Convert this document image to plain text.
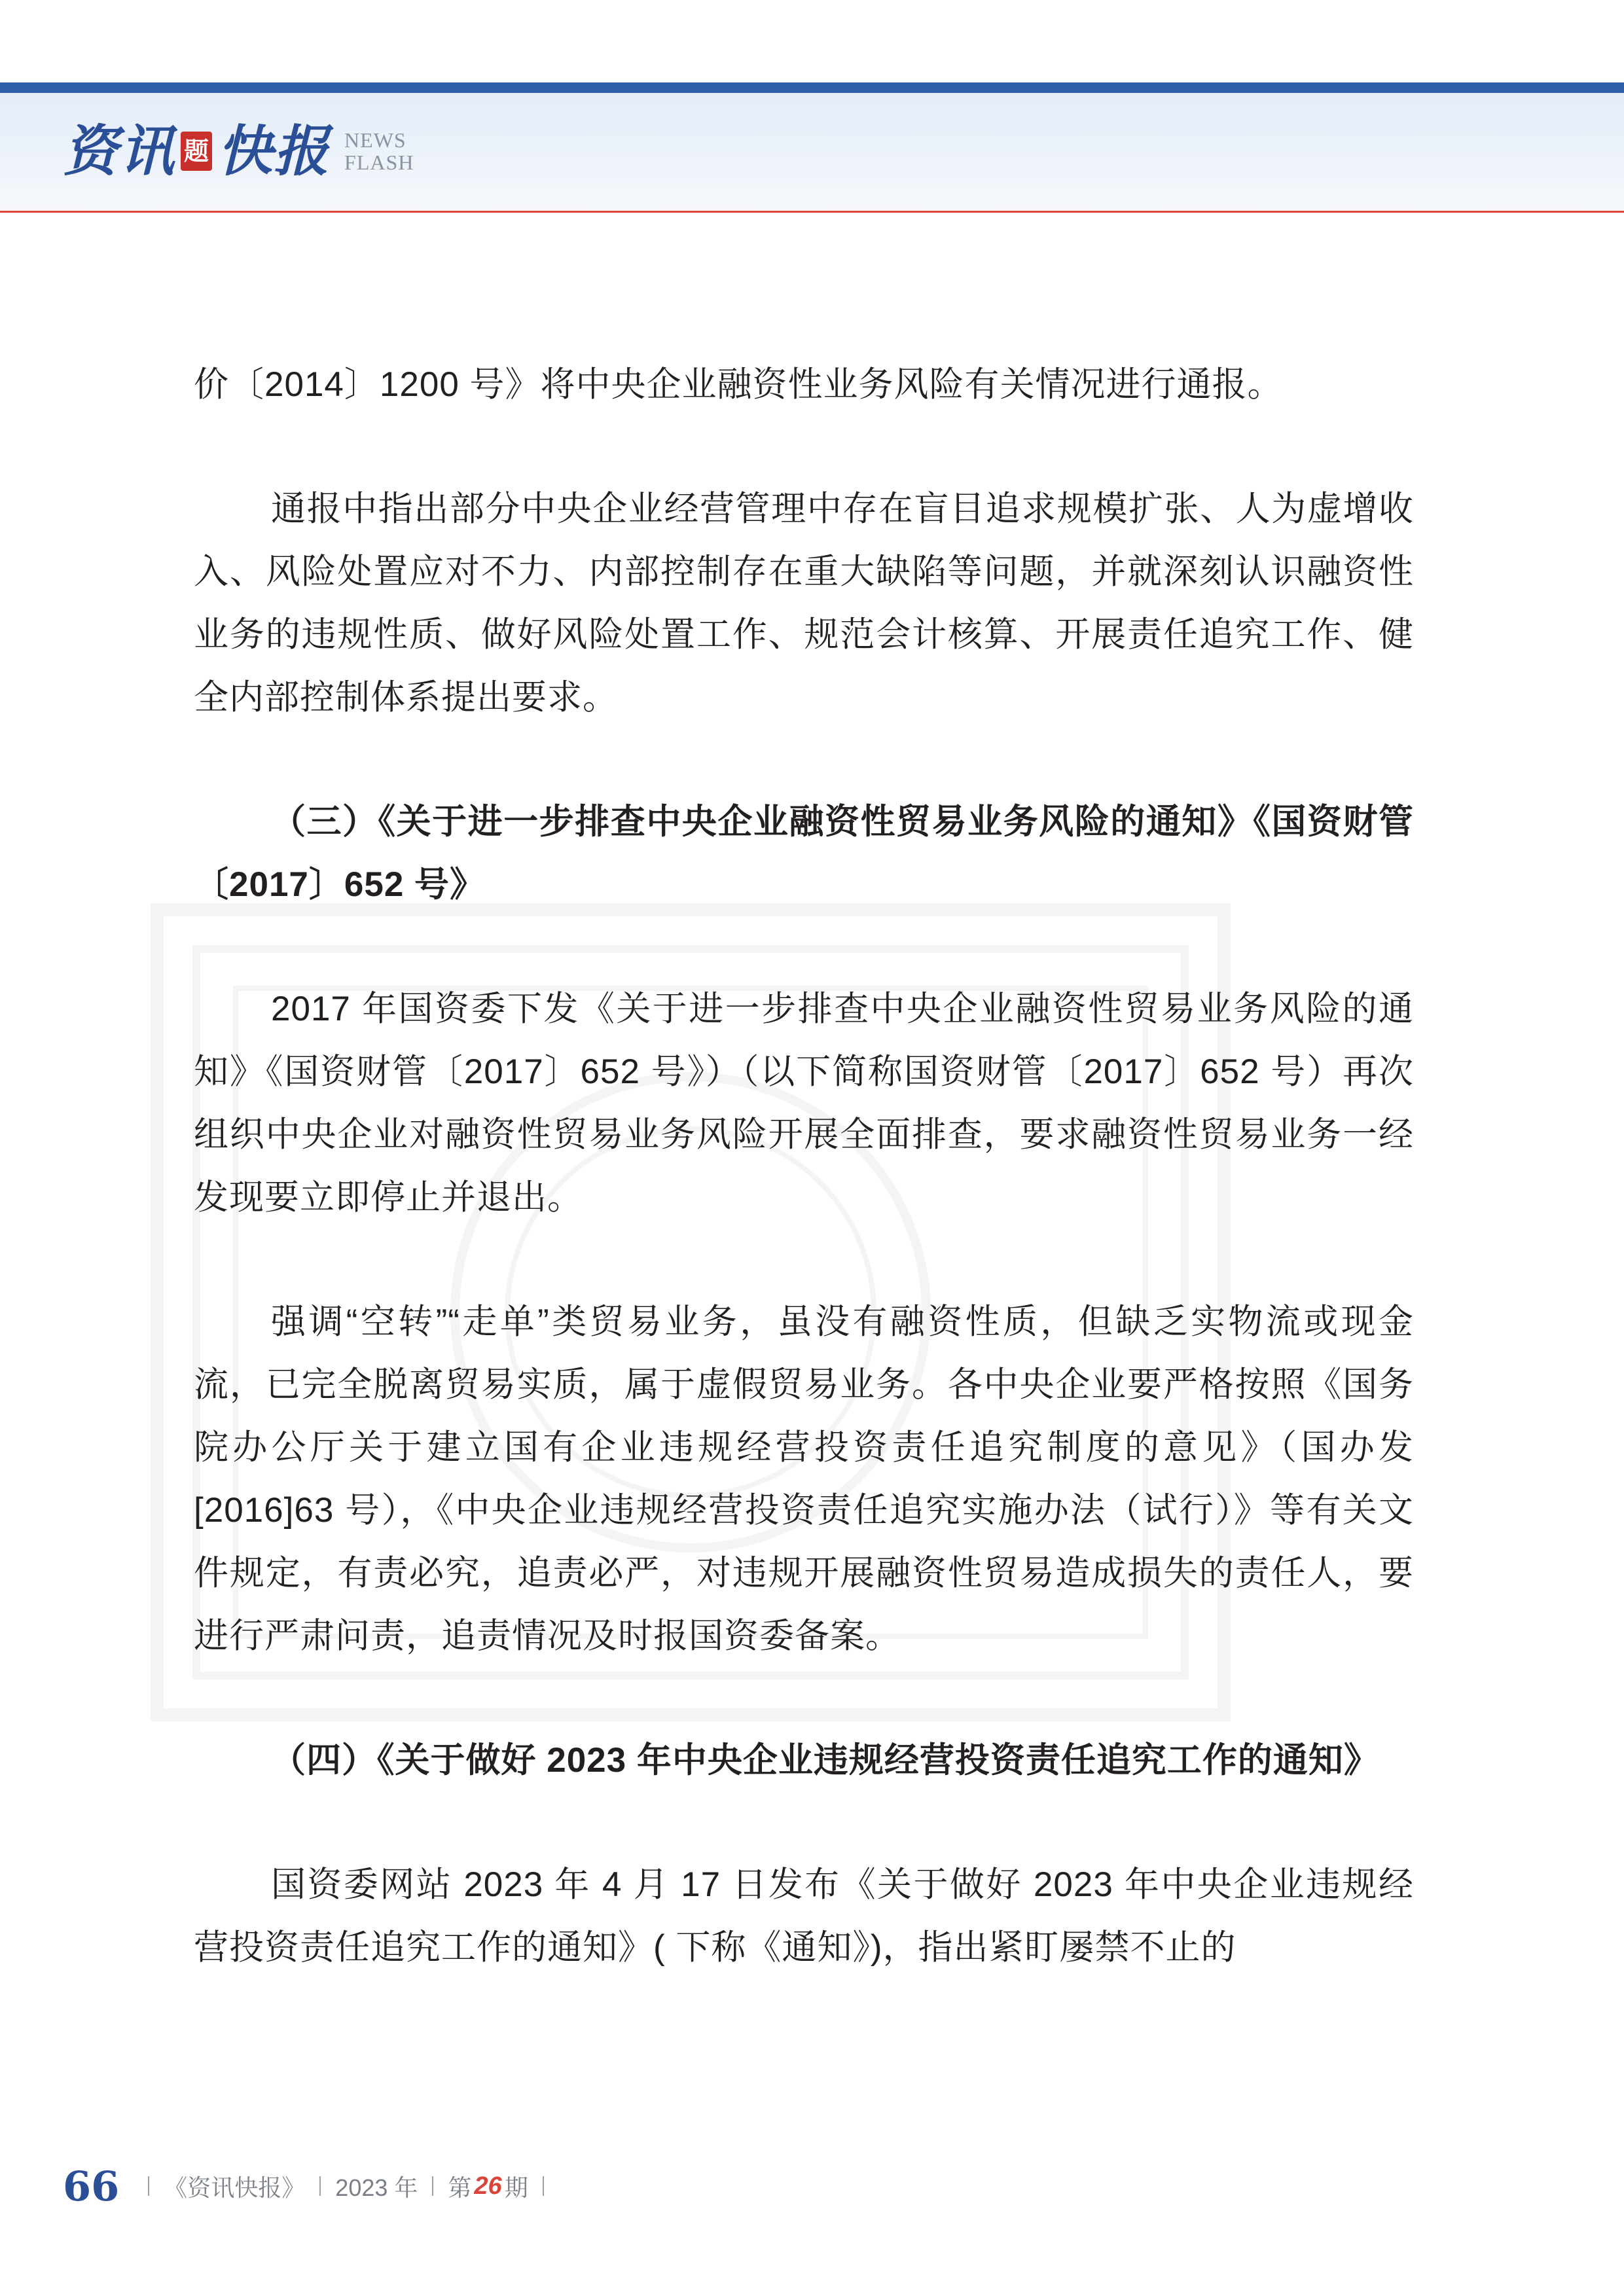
资讯 题 快报 NEWS
FLASH

价〔2014〕1200 号》将中央企业融资性业务风险有关情况进行通报。

通报中指出部分中央企业经营管理中存在盲目追求规模扩张、人为虚增收入、风险处置应对不力、内部控制存在重大缺陷等问题，并就深刻认识融资性业务的违规性质、做好风险处置工作、规范会计核算、开展责任追究工作、健全内部控制体系提出要求。

（三）《关于进一步排查中央企业融资性贸易业务风险的通知》《国资财管〔2017〕652 号》

2017 年国资委下发《关于进一步排查中央企业融资性贸易业务风险的通知》《国资财管〔2017〕652 号》）（以下简称国资财管〔2017〕652 号）再次组织中央企业对融资性贸易业务风险开展全面排查，要求融资性贸易业务一经发现要立即停止并退出。

强调“空转”“走单”类贸易业务，虽没有融资性质，但缺乏实物流或现金流，已完全脱离贸易实质，属于虚假贸易业务。各中央企业要严格按照《国务院办公厅关于建立国有企业违规经营投资责任追究制度的意见》（国办发 [2016]63 号），《中央企业违规经营投资责任追究实施办法（试行）》等有关文件规定，有责必究，追责必严，对违规开展融资性贸易造成损失的责任人，要进行严肃问责，追责情况及时报国资委备案。

（四）《关于做好 2023 年中央企业违规经营投资责任追究工作的通知》

国资委网站 2023 年 4 月 17 日发布《关于做好 2023 年中央企业违规经营投资责任追究工作的通知》( 下称《通知》)，指出紧盯屡禁不止的

66 《资讯快报》 2023 年 第 26 期
